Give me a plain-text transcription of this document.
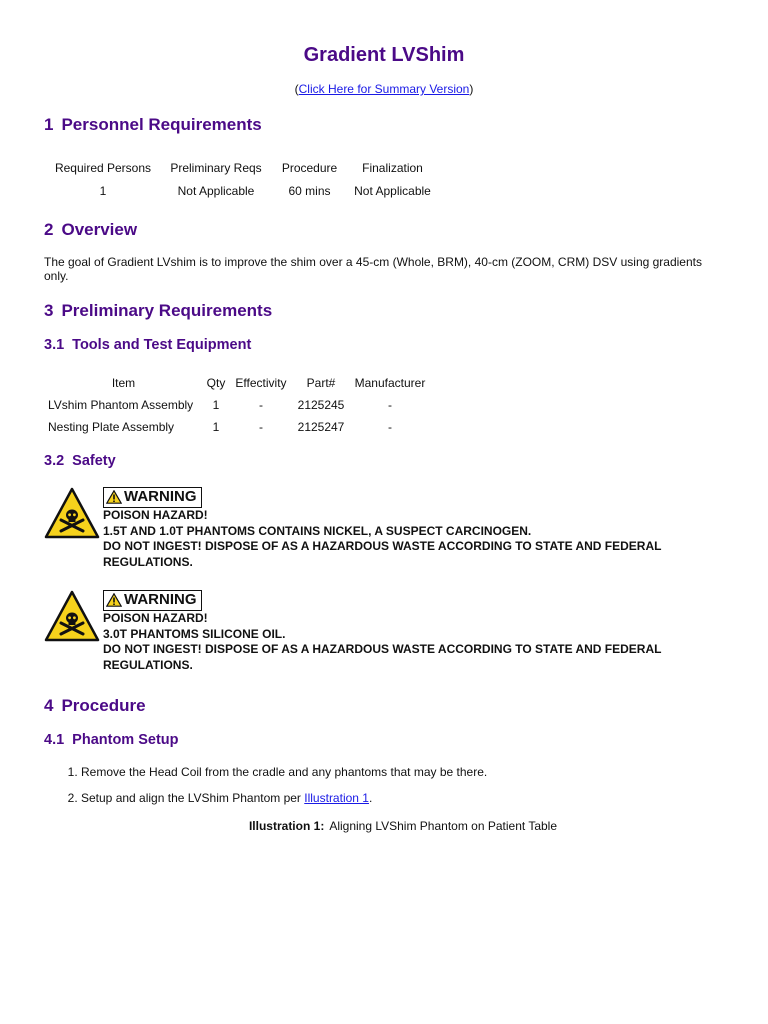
Gradient LVShim
(Click Here for Summary Version)
1 Personnel Requirements
Required Persons	Preliminary Reqs	Procedure	Finalization
1	Not Applicable	60 mins	Not Applicable
2 Overview
The goal of Gradient LVshim is to improve the shim over a 45-cm (Whole, BRM), 40-cm (ZOOM, CRM) DSV using gradients only.
3 Preliminary Requirements
3.1 Tools and Test Equipment
Item	Qty	Effectivity	Part#	Manufacturer
LVshim Phantom Assembly	1	-	2125245	-
Nesting Plate Assembly	1	-	2125247	-
3.2 Safety
WARNING
POISON HAZARD!
1.5T AND 1.0T PHANTOMS CONTAINS NICKEL, A SUSPECT CARCINOGEN.
DO NOT INGEST! DISPOSE OF AS A HAZARDOUS WASTE ACCORDING TO STATE AND FEDERAL REGULATIONS.
WARNING
POISON HAZARD!
3.0T PHANTOMS SILICONE OIL.
DO NOT INGEST! DISPOSE OF AS A HAZARDOUS WASTE ACCORDING TO STATE AND FEDERAL REGULATIONS.
4 Procedure
4.1 Phantom Setup
1. Remove the Head Coil from the cradle and any phantoms that may be there.
2. Setup and align the LVShim Phantom per Illustration 1.
Illustration 1: Aligning LVShim Phantom on Patient Table
